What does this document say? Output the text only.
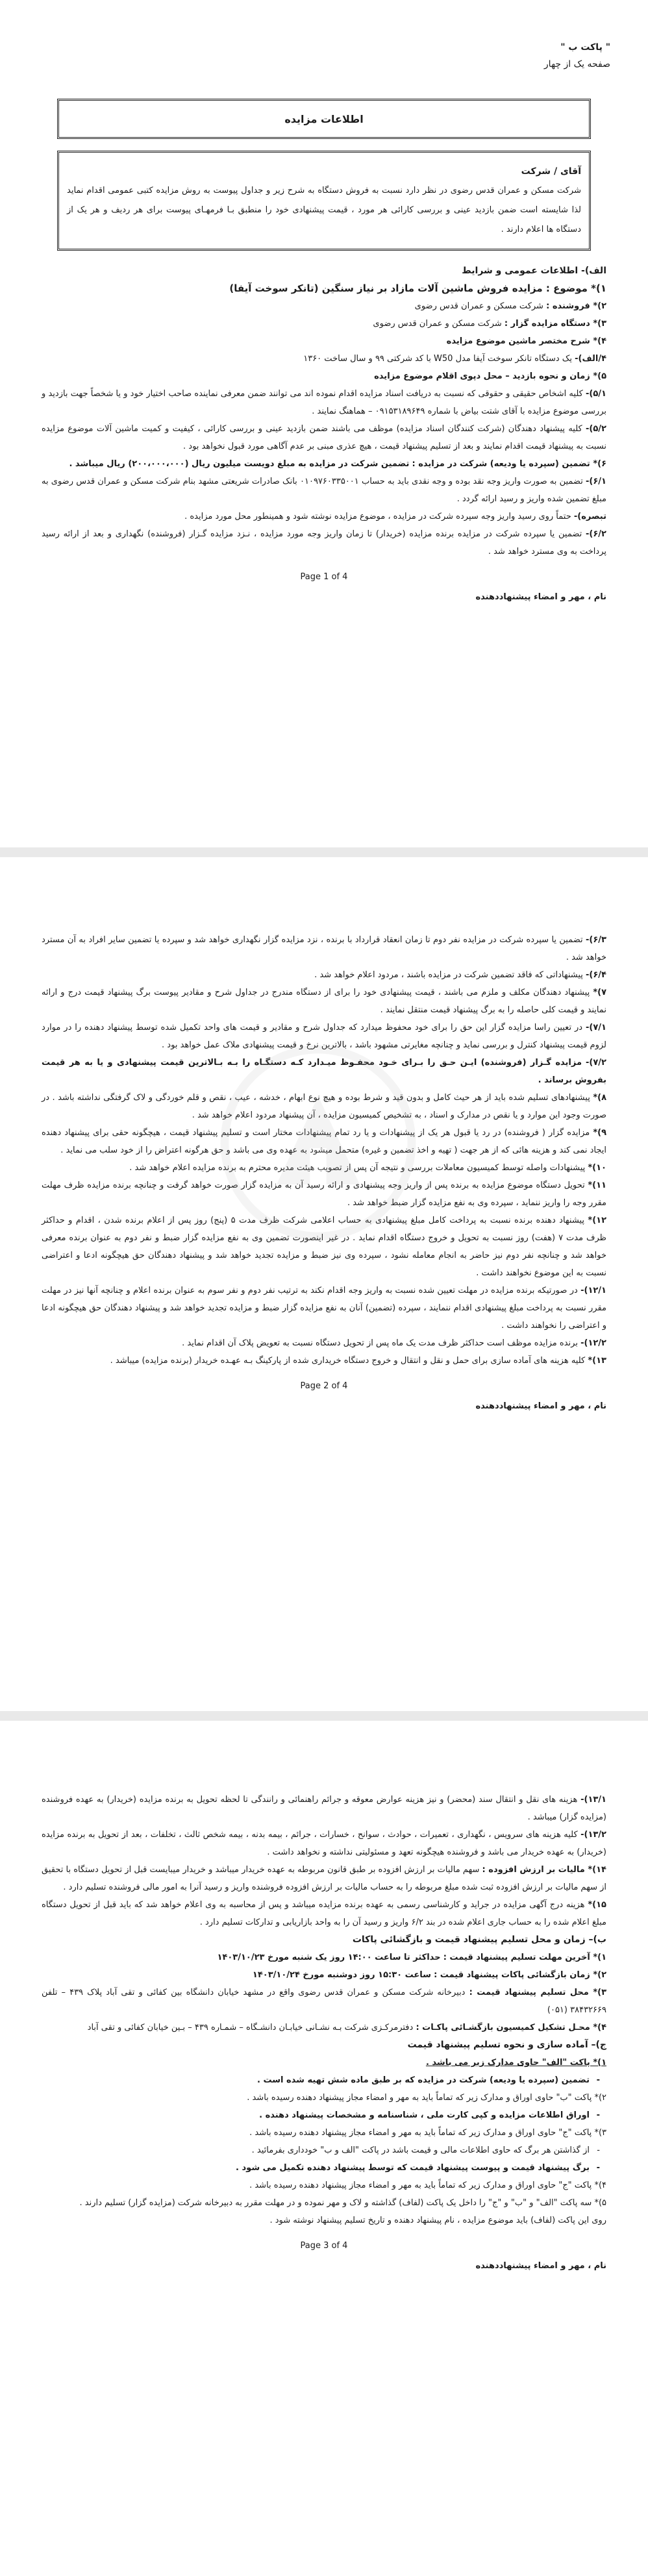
" پاکت ب "
صفحه یک از چهار
اطلاعات مزایده
آقای / شرکت
شرکت مسکن و عمران قدس رضوی در نظر دارد نسبت به فروش دستگاه به شرح زیر و جداول پیوست به روش مزایده کتبی عمومی اقدام نماید لذا شایسته است ضمن بازدید عینی و بررسی کارائی هر مورد ، قیمت پیشنهادی خود را منطبق بـا فرمهـای پیوست برای هر ردیف و هر یک از دستگاه ها اعلام دارند .

الف)- اطلاعات عمومی و شرایط

۱)* موضوع : مزایده فروش ماشین آلات مازاد بر نیاز سنگین (تانکر سوخت آیفا)

۲)* فروشنده : شرکت مسکن و عمران قدس رضوی

۳)* دستگاه مزایده گزار : شرکت مسکن و عمران قدس رضوی

۴)* شرح مختصر ماشین موضوع مزایده

۴/الف)- یک دستگاه تانکر سوخت آیفا مدل W50 با کد شرکتی ۹۹ و سال ساخت ۱۳۶۰

۵)* زمان و نحوه بازدید – محل دپوی اقلام موضوع مزایده

۵/۱)- کلیه اشخاص حقیقی و حقوقی که نسبت به دریافت اسناد مزایده اقدام نموده اند می توانند ضمن معرفی نماینده صاحب اختیار خود و یا شخصاً جهت بازدید و بررسی موضوع مزایده با آقای شتت بیاض با شماره ۰۹۱۵۳۱۸۹۶۴۹ – هماهنگ نمایند .

۵/۲)- کلیه پیشنهاد دهندگان (شرکت کنندگان اسناد مزایده) موظف می باشند ضمن بازدید عینی و بررسی کارائی ، کیفیت و کمیت ماشین آلات موضوع مزایده نسبت به پیشنهاد قیمت اقدام نمایند و بعد از تسلیم پیشنهاد قیمت ، هیچ عذری مبنی بر عدم آگاهی مورد قبول نخواهد بود .

۶)* تضمین (سپرده یا ودیعه) شرکت در مزایده : تضمین شرکت در مزایده به مبلغ دویست میلیون ریال (۲۰۰،۰۰۰،۰۰۰) ریال میباشد .

۶/۱)- تضمین به صورت واریز وجه نقد بوده و وجه نقدی باید به حساب ۰۱۰۹۷۶۰۳۳۵۰۰۱ بانک صادرات شریعتی مشهد بنام شرکت مسکن و عمران قدس رضوی به مبلغ تضمین شده واریز و رسید ارائه گردد .

تبصره)- حتماً روی رسید واریز وجه سپرده شرکت در مزایده ، موضوع مزایده نوشته شود و همینطور محل مورد مزایده .

۶/۲)- تضمین یا سپرده شرکت در مزایده برنده مزایده (خریدار) تا زمان واریز وجه مورد مزایده ، نـزد مزایده گـزار (فروشنده) نگهداری و بعد از ارائه رسید پرداخت به وی مسترد خواهد شد .

Page 1 of 4
نام ، مهر و امضاء پیشنهاددهنده

۶/۳)- تضمین یا سپرده شرکت در مزایده نفر دوم تا زمان انعقاد قرارداد با برنده ، نزد مزایده گزار نگهداری خواهد شد و سپرده یا تضمین سایر افراد به آن مسترد خواهد شد .

۶/۴)- پیشنهاداتی که فاقد تضمین شرکت در مزایده باشند ، مردود اعلام خواهد شد .

۷)* پیشنهاد دهندگان مکلف و ملزم می باشند ، قیمت پیشنهادی خود را برای از دستگاه مندرج در جداول شرح و مقادیر پیوست برگ پیشنهاد قیمت درج و ارائه نمایند و قیمت کلی حاصله را به برگ پیشنهاد قیمت منتقل نمایند .

۷/۱)- در تعیین راسا مزایده گزار این حق را برای خود محفوظ میدارد که جداول شرح و مقادیر و قیمت های واحد تکمیل شده توسط پیشنهاد دهنده را در موارد لزوم قیمت پیشنهاد کنترل و بررسی نماید و چنانچه مغایرتی مشهود باشد ، بالاترین نرخ و قیمت پیشنهادی ملاک عمل خواهد بود .

۷/۲)- مزایده گـزار (فروشنده) ایـن حـق را بـرای خـود محفـوظ میـدارد کـه دستگـاه را بـه بـالاترین قیمت پیشنهادی و یا به هر قیمت بفروش برساند .

۸)* پیشنهادهای تسلیم شده باید از هر حیث کامل و بدون قید و شرط بوده و هیچ نوع ابهام ، خدشه ، عیب ، نقص و قلم خوردگی و لاک گرفتگی نداشته باشد . در صورت وجود این موارد و یا نقص در مدارک و اسناد ، به تشخیص کمیسیون مزایده ، آن پیشنهاد مردود اعلام خواهد شد .

۹)* مزایده گزار ( فروشنده) در رد یا قبول هر یک از پیشنهادات و یا رد تمام پیشنهادات مختار است و تسلیم پیشنهاد قیمت ، هیچگونه حقی برای پیشنهاد دهنده ایجاد نمی کند و هزینه هائی که از هر جهت ( تهیه و اخذ تضمین و غیره) متحمل میشود به عهده وی می باشد و حق هرگونه اعتراض را از خود سلب می نماید .

۱۰)* پیشنهادات واصله توسط کمیسیون معاملات بررسی و نتیجه آن پس از تصویب هیئت مدیره محترم به برنده مزایده اعلام خواهد شد .

۱۱)* تحویل دستگاه موضوع مزایده به برنده پس از واریز وجه پیشنهادی و ارائه رسید آن به مزایده گزار صورت خواهد گرفت و چنانچه برنده مزایده ظرف مهلت مقرر وجه را واریز ننماید ، سپرده وی به نفع مزایده گزار ضبط خواهد شد .

۱۲)* پیشنهاد دهنده برنده نسبت به پرداخت کامل مبلغ پیشنهادی به حساب اعلامی شرکت ظرف مدت ۵ (پنج) روز پس از اعلام برنده شدن ، اقدام و حداکثر ظرف مدت ۷ (هفت) روز نسبت به تحویل و خروج دستگاه اقدام نماید . در غیر اینصورت تضمین وی به نفع مزایده گزار ضبط و نفر دوم به عنوان برنده معرفی خواهد شد و چنانچه نفر دوم نیز حاضر به انجام معامله نشود ، سپرده وی نیز ضبط و مزایده تجدید خواهد شد و پیشنهاد دهندگان حق هیچگونه ادعا و اعتراضی نسبت به این موضوع نخواهند داشت .

۱۲/۱)- در صورتیکه برنده مزایده در مهلت تعیین شده نسبت به واریز وجه اقدام نکند به ترتیب نفر دوم و نفر سوم به عنوان برنده اعلام و چنانچه آنها نیز در مهلت مقرر نسبت به پرداخت مبلغ پیشنهادی اقدام ننمایند ، سپرده (تضمین) آنان به نفع مزایده گزار ضبط و مزایده تجدید خواهد شد و پیشنهاد دهندگان حق هیچگونه ادعا و اعتراضی را نخواهند داشت .

۱۲/۲)- برنده مزایده موظف است حداکثر ظرف مدت یک ماه پس از تحویل دستگاه نسبت به تعویض پلاک آن اقدام نماید .

۱۳)* کلیه هزینه های آماده سازی برای حمل و نقل و انتقال و خروج دستگاه خریداری شده از پارکینگ بـه عهـده خریدار (برنده مزایده) میباشد .

Page 2 of 4
نام ، مهر و امضاء پیشنهاددهنده

۱۳/۱)- هزینه های نقل و انتقال سند (محضر) و نیز هزینه عوارض معوقه و جرائم راهنمائی و رانندگی تا لحظه تحویل به برنده مزایده (خریدار) به عهده فروشنده (مزایده گزار) میباشد .

۱۳/۲)- کلیه هزینه های سرویس ، نگهداری ، تعمیرات ، حوادث ، سوانح ، خسارات ، جرائم ، بیمه بدنه ، بیمه شخص ثالث ، تخلفات ، بعد از تحویل به برنده مزایده (خریدار) به عهده خریدار می باشد و فروشنده هیچگونه تعهد و مسئولیتی نداشته و نخواهد داشت .

۱۴)* مالیات بر ارزش افزوده : سهم مالیات بر ارزش افزوده بر طبق قانون مربوطه به عهده خریدار میباشد و خریدار میبایست قبل از تحویل دستگاه با تحقیق از سهم مالیات بر ارزش افزوده ثبت شده مبلغ مربوطه را به حساب مالیات بر ارزش افزوده فروشنده واریز و رسید آنرا به امور مالی فروشنده تسلیم دارد .

۱۵)* هزینه درج آگهی مزایده در جراید و کارشناسی رسمی به عهده برنده مزایده میباشد و پس از محاسبه به وی اعلام خواهد شد که باید قبل از تحویل دستگاه مبلغ اعلام شده را به حساب جاری اعلام شده در بند ۶/۲ واریز و رسید آن را به واحد بازاریابی و تدارکات تسلیم دارد .

ب)– زمان و محل تسلیم پیشنهاد قیمت و بازگشائی پاکات

۱)* آخرین مهلت تسلیم پیشنهاد قیمت : حداکثر تا ساعت ۱۴:۰۰ روز یک شنبه مورخ ۱۴۰۳/۱۰/۲۳

۲)* زمان بازگشائی پاکات پیشنهاد قیمت : ساعت ۱۵:۳۰ روز دوشنبه مورخ ۱۴۰۳/۱۰/۲۴

۳)* محل تسلیم پیشنهاد قیمت : دبیرخانه شرکت مسکن و عمران قدس رضوی واقع در مشهد خیابان دانشگاه بین کفائی و تقی آباد پلاک ۴۳۹ – تلفن ۳۸۴۳۲۶۶۹ (۰۵۱)

۴)* محـل تشکیل کمیسیون بازگشـائی پاکـات : دفترمرکـزی شرکت بـه نشـانی خیابـان دانشـگاه – شمـاره ۴۳۹ – بـین خیابان کفائی و تقی آباد

ج)– آماده سازی و نحوه تسلیم پیشنهاد قیمت

۱)* پاکت "الف" حاوی مدارک زیر می باشد .

- تضمین (سپرده یا ودیعه) شرکت در مزایده که بر طبق ماده شش تهیه شده است .

۲)* پاکت "ب" حاوی اوراق و مدارک زیر که تماماً باید به مهر و امضاء مجاز پیشنهاد دهنده رسیده باشد .

- اوراق اطلاعات مزایده و کپی کارت ملی ، شناسنامه و مشخصات پیشنهاد دهنده .

۳)* پاکت "ج" حاوی اوراق و مدارک زیر که تماماً باید به مهر و امضاء مجاز پیشنهاد دهنده رسیده باشد .

- از گذاشتن هر برگ که حاوی اطلاعات مالی و قیمت باشد در پاکت "الف و ب" خودداری بفرمائید .

- برگ پیشنهاد قیمت و پیوست پیشنهاد قیمت که توسط پیشنهاد دهنده تکمیل می شود .

۴)* پاکت "ج" حاوی اوراق و مدارک زیر که تماماً باید به مهر و امضاء مجاز پیشنهاد دهنده رسیده باشد .

۵)* سه پاکت "الف" و "ب" و "ج" را داخل یک پاکت (لفاف) گذاشته و لاک و مهر نموده و در مهلت مقرر به دبیرخانه شرکت (مزایده گزار) تسلیم دارند .

روی این پاکت (لفاف) باید موضوع مزایده ، نام پیشنهاد دهنده و تاریخ تسلیم پیشنهاد نوشته شود .

Page 3 of 4
نام ، مهر و امضاء پیشنهاددهنده
